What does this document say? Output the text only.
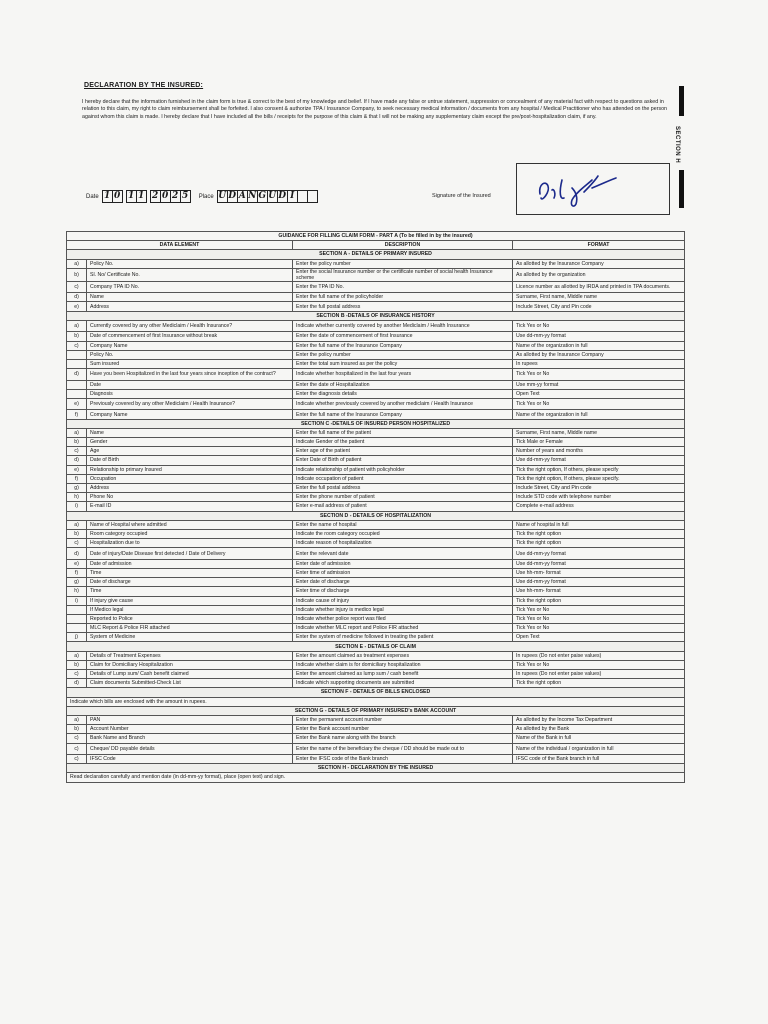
DECLARATION BY THE INSURED:
I hereby declare that the information furnished in the claim form is true & correct to the best of my knowledge and belief. If I have made any false or untrue statement, suppression or concealment of any material fact with respect to questions asked in relation to this claim, my right to claim reimbursement shall be forfeited. I also consent & authorize TPA / Insurance Company, to seek necessary medical information / documents from any hospital / Medical Practitioner who has attended on the person against whom this claim is made. I hereby declare that I have included all the bills / receipts for the purpose of this claim & that I will not be making any supplementary claim except the pre/post-hospitalization claim, if any.
SECTION H
Date 1 0 1 1 2 0 2 5 Place U D A N G U D I	Signature of the Insured
GUIDANCE FOR FILLING CLAIM FORM - PART A (To be filled in by the insured)			
DATA ELEMENT		DESCRIPTION	FORMAT
SECTION A - DETAILS OF PRIMARY INSURED			
a)	Policy No.	Enter the policy number	As allotted by the Insurance Company
b)	Sl. No/ Certificate No.	Enter the social Insurance number or the certificate number of social health Insurance scheme	As allotted by the organization
c)	Company TPA ID No.	Enter the TPA ID No.	Licence number as allotted by IRDA and printed in TPA documents.
d)	Name	Enter the full name of the policyholder	Surname, First name, Middle name
e)	Address	Enter the full postal address	Include Street, City and Pin code
SECTION B -DETAILS OF INSURANCE HISTORY			
a)	Currently covered by any other Mediclaim / Health Insurance?	Indicate whether currently covered by another Mediclaim / Health Insurance	Tick Yes or No
b)	Date of commencement of first Insurance without break	Enter the date of commencement of first Insurance	Use dd-mm-yy format
c)	Company Name	Enter the full name of the Insurance Company	Name of the organization in full
	Policy No.	Enter the policy number	As allotted by the Insurance Company
	Sum insured	Enter the total sum insured as per the policy	In rupees
d)	Have you been Hospitalized in the last four years since inception of the contract?	Indicate whether hospitalized in the last four years	Tick Yes or No
	Date	Enter the date of Hospitalization	Use mm-yy format
	Diagnosis	Enter the diagnosis details	Open Text
e)	Previously covered by any other Mediclaim / Health Insurance?	Indicate whether previously covered by another mediclaim / Health Insurance	Tick Yes or No
f)	Company Name	Enter the full name of the Insurance Company	Name of the organization in full
SECTION C -DETAILS OF INSURED PERSON HOSPITALIZED			
a)	Name	Enter the full name of the patient	Surname, First name, Middle name
b)	Gender	Indicate Gender of the patient	Tick Male or Female
c)	Age	Enter age of the patient	Number of years and months
d)	Date of Birth	Enter Date of Birth of patient	Use dd-mm-yy format
e)	Relationship to primary Insured	Indicate relationship of patient with policyholder	Tick the right option, If others, please specify
f)	Occupation	Indicate occupation of patient	Tick the right option, If others, please specify.
g)	Address	Enter the full postal address	Include Street, City and Pin code
h)	Phone No	Enter the phone number of patient	Include STD code with telephone number
i)	E-mail ID	Enter e-mail address of patient	Complete e-mail address
SECTION D - DETAILS OF HOSPITALIZATION			
a)	Name of Hospital where admitted	Enter the name of hospital	Name of hospital in full
b)	Room category occupied	Indicate the room category occupied	Tick the right option
c)	Hospitalization due to	Indicate reason of hospitalization	Tick the right option
d)	Date of injury/Date Disease first detected / Date of Delivery	Enter the relevant date	Use dd-mm-yy format
e)	Date of admission	Enter date of admission	Use dd-mm-yy format
f)	Time	Enter time of admission	Use hh-mm- format
g)	Date of discharge	Enter date of discharge	Use dd-mm-yy format
h)	Time	Enter time of discharge	Use hh-mm- format
i)	If injury give cause	Indicate cause of injury	Tick the right option
	If Medico legal	Indicate whether injury is medico legal	Tick Yes or No
	Reported to Police	Indicate whether police report was filed	Tick Yes or No
	MLC Report & Police FIR attached	Indicate whether MLC report and Police FIR attached	Tick Yes or No
j)	System of Medicine	Enter the system of medicine followed in treating the patient	Open Text
SECTION E - DETAILS OF CLAIM			
a)	Details of Treatment Expenses	Enter the amount claimed as treatment expenses	In rupees (Do not enter paise values)
b)	Claim for Domiciliary Hospitalization	Indicate whether claim is for domiciliary hospitalization	Tick Yes or No
c)	Details of Lump sum/ Cash benefit claimed	Enter the amount claimed as lump sum / cash benefit	In rupees (Do not enter paise values)
d)	Claim documents Submitted-Check List	Indicate which supporting documents are submitted	Tick the right option
SECTION F - DETAILS OF BILLS ENCLOSED			
Indicate which bills are enclosed with the amount in rupees.			
SECTION G - DETAILS OF PRIMARY INSURED's BANK ACCOUNT			
a)	PAN	Enter the permanent account number	As allotted by the Income Tax Department
b)	Account Number	Enter the Bank account number	As allotted by the Bank
c)	Bank Name and Branch	Enter the Bank name along with the branch	Name of the Bank in full
c)	Cheque/ DD payable details	Enter the name of the beneficiary the cheque / DD should be made out to	Name of the individual / organization in full
c)	IFSC Code	Enter the IFSC code of the Bank branch	IFSC code of the Bank branch in full
SECTION H - DECLARATION BY THE INSURED			
Read declaration carefully and mention date (in dd-mm-yy format), place (open text) and sign.			
